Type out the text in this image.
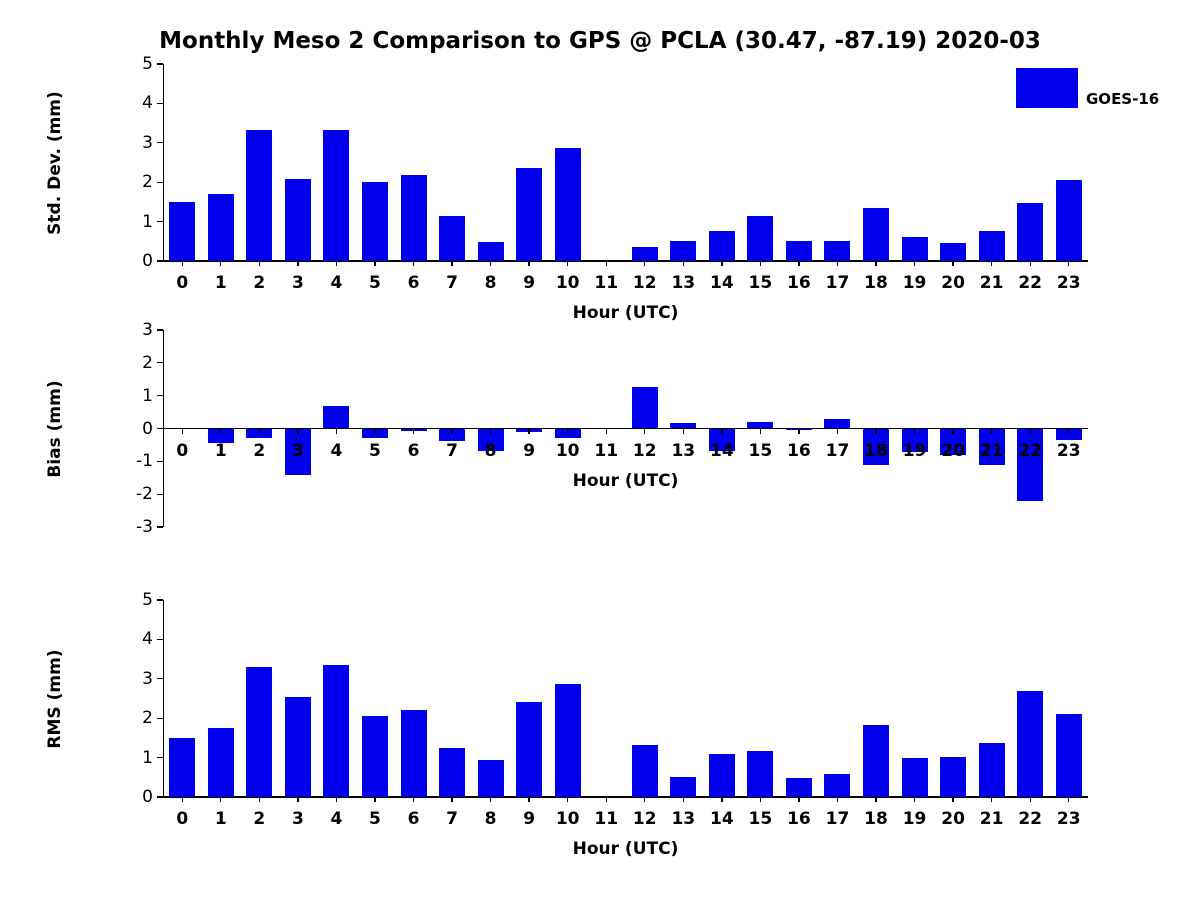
Monthly Meso 2 Comparison to GPS @ PCLA (30.47, -87.19) 2020-03
0
1
2
3
4
5
0 1 2 3 4 5 6 7 8 9 10 11 12 13 14 15 16 17 18 19 20 21 22 23
Hour (UTC)
Std. Dev. (mm)
-3
-2
-1
0
1
2
3
0 1 2 3 4 5 6 7 8 9 10 11 12 13 14 15 16 17 18 19 20 21 22 23
Hour (UTC)
Bias (mm)
0
1
2
3
4
5
0 1 2 3 4 5 6 7 8 9 10 11 12 13 14 15 16 17 18 19 20 21 22 23
Hour (UTC)
RMS (mm)
GOES-16
